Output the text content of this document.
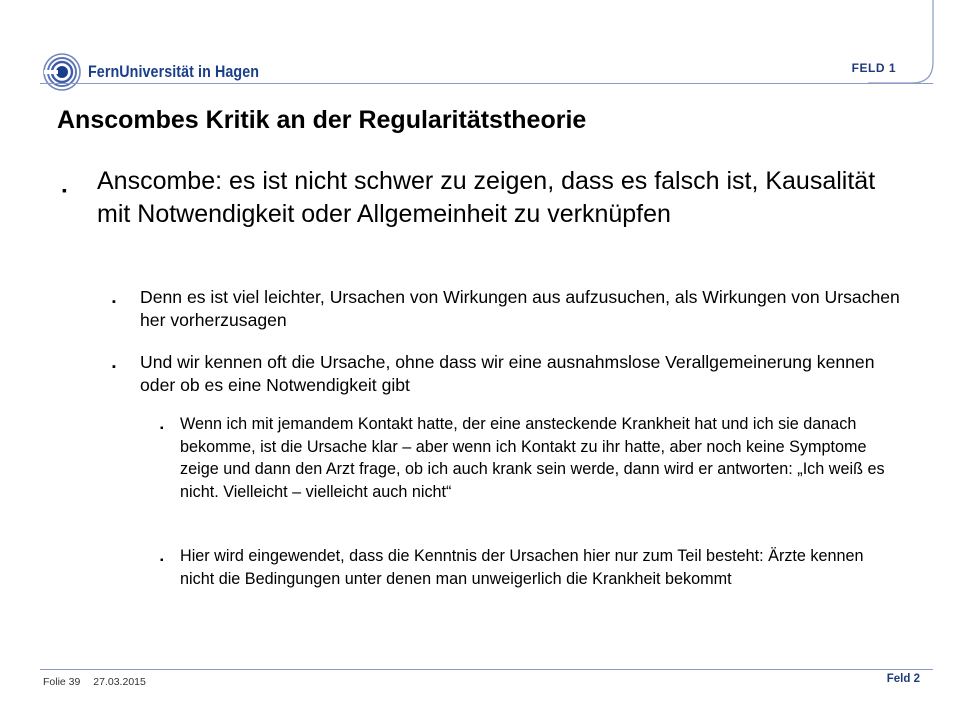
FernUniversität in Hagen	FELD 1
Anscombes Kritik an der Regularitätstheorie
▪	Anscombe: es ist nicht schwer zu zeigen, dass es falsch ist, Kausalität mit Notwendigkeit oder Allgemeinheit zu verknüpfen
▪	Denn es ist viel leichter, Ursachen von Wirkungen aus aufzusuchen, als Wirkungen von Ursachen her vorherzusagen
▪	Und wir kennen oft die Ursache, ohne dass wir eine ausnahmslose Verallgemeinerung kennen oder ob es eine Notwendigkeit gibt
▪	Wenn ich mit jemandem Kontakt hatte, der eine ansteckende Krankheit hat und ich sie danach bekomme, ist die Ursache klar – aber wenn ich Kontakt zu ihr hatte, aber noch keine Symptome zeige und dann den Arzt frage, ob ich auch krank sein werde, dann wird er antworten: „Ich weiß es nicht. Vielleicht – vielleicht auch nicht“
▪	Hier wird eingewendet, dass die Kenntnis der Ursachen hier nur zum Teil besteht: Ärzte kennen nicht die Bedingungen unter denen man unweigerlich die Krankheit bekommt
Folie 39 27.03.2015	Feld 2
